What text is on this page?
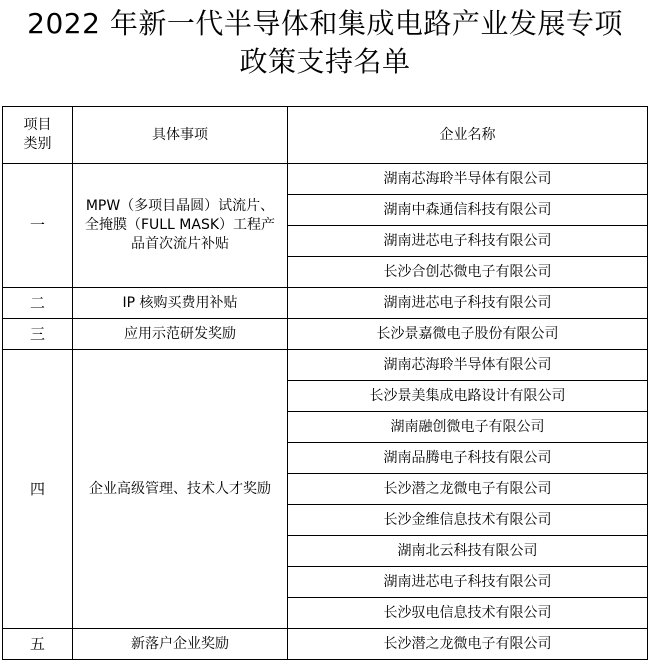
2022 年新一代半导体和集成电路产业发展专项
政策支持名单
项目
类别	具体事项	企业名称
一	MPW（多项目晶圆）试流片、全掩膜（FULL MASK）工程产品首次流片补贴	湖南芯海聆半导体有限公司
		湖南中森通信科技有限公司
		湖南进芯电子科技有限公司
		长沙合创芯微电子有限公司
二	IP 核购买费用补贴	湖南进芯电子科技有限公司
三	应用示范研发奖励	长沙景嘉微电子股份有限公司
四	企业高级管理、技术人才奖励	湖南芯海聆半导体有限公司
		长沙景美集成电路设计有限公司
		湖南融创微电子有限公司
		湖南品腾电子科技有限公司
		长沙潜之龙微电子有限公司
		长沙金维信息技术有限公司
		湖南北云科技有限公司
		湖南进芯电子科技有限公司
		长沙驭电信息技术有限公司
五	新落户企业奖励	长沙潜之龙微电子有限公司
